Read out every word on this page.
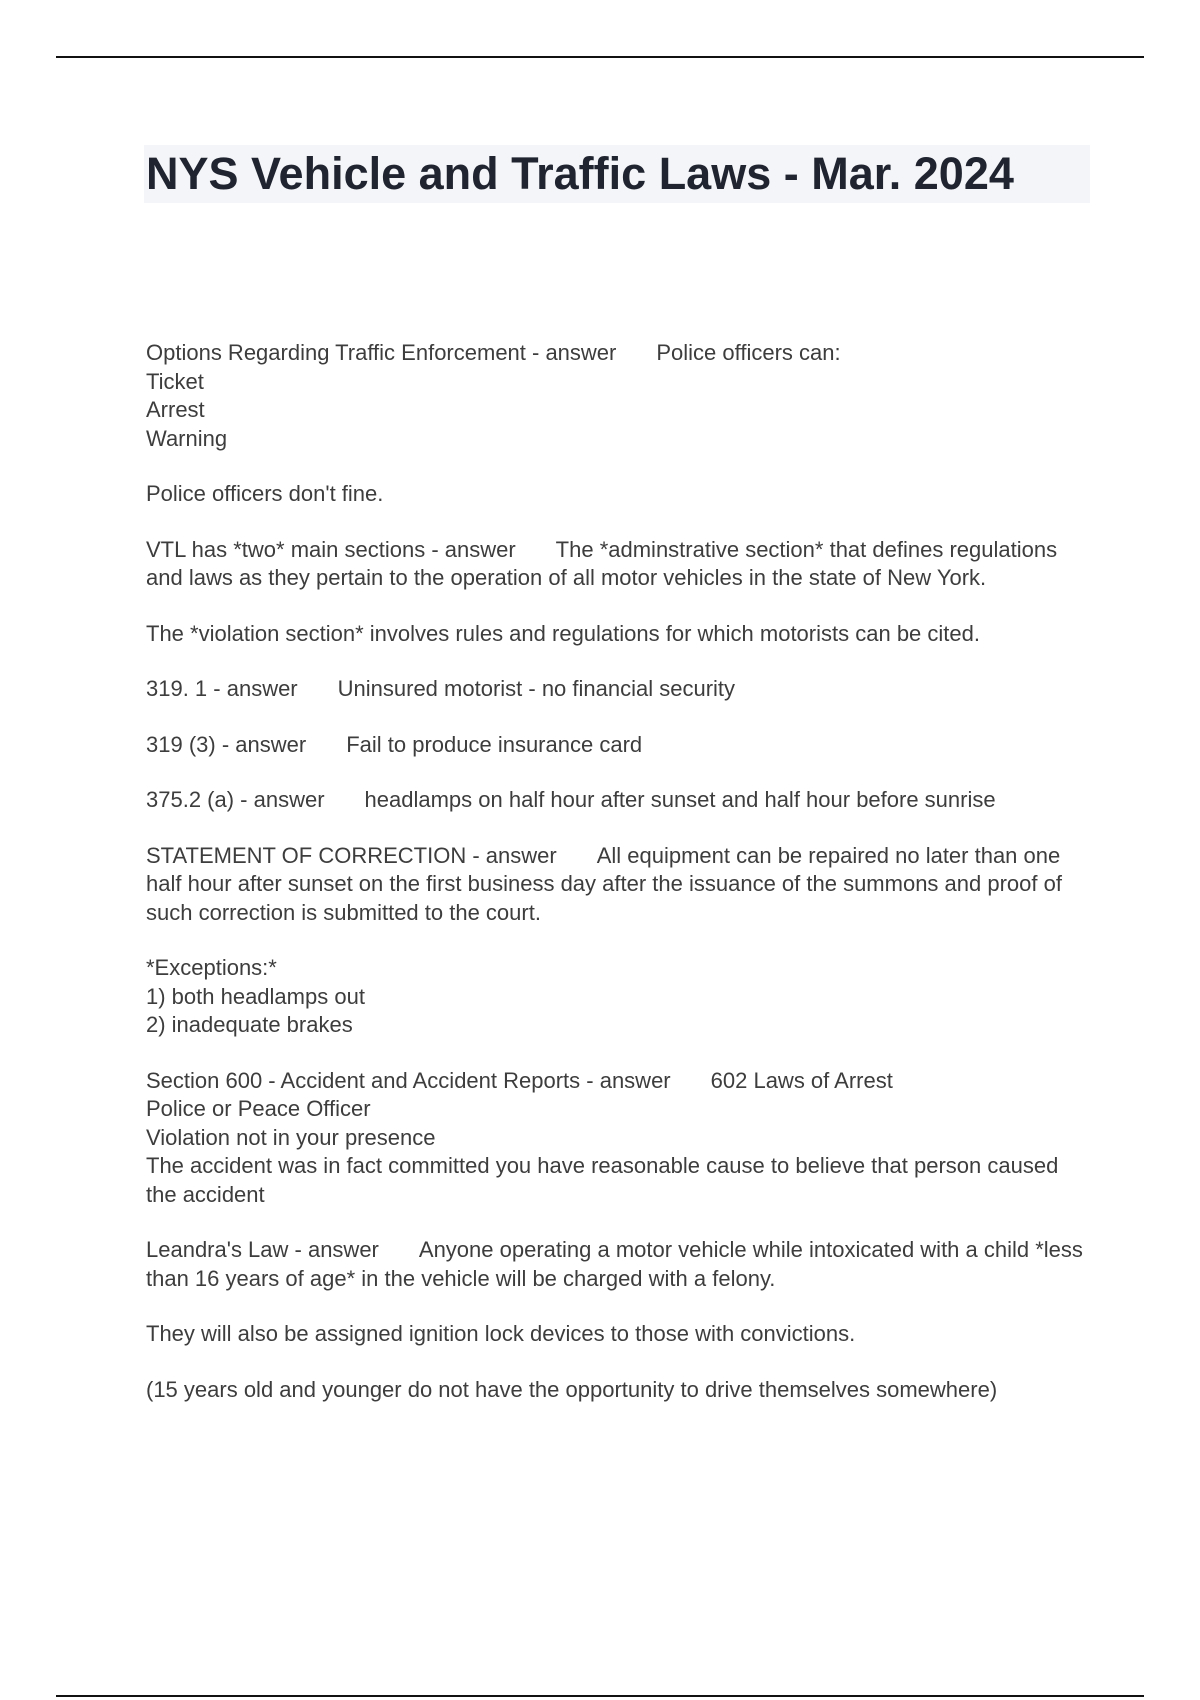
NYS Vehicle and Traffic Laws - Mar. 2024

Options Regarding Traffic Enforcement - answer Police officers can:

Ticket
Arrest
Warning

Police officers don't fine.

VTL has *two* main sections - answer The *adminstrative section* that defines regulations and laws as they pertain to the operation of all motor vehicles in the state of New York.

The *violation section* involves rules and regulations for which motorists can be cited.

319. 1 - answer Uninsured motorist - no financial security

319 (3) - answer Fail to produce insurance card

375.2 (a) - answer headlamps on half hour after sunset and half hour before sunrise

STATEMENT OF CORRECTION - answer All equipment can be repaired no later than one half hour after sunset on the first business day after the issuance of the summons and proof of such correction is submitted to the court.

*Exceptions:*
1) both headlamps out
2) inadequate brakes

Section 600 - Accident and Accident Reports - answer 602 Laws of Arrest

Police or Peace Officer
Violation not in your presence
The accident was in fact committed you have reasonable cause to believe that person caused the accident

Leandra's Law - answer Anyone operating a motor vehicle while intoxicated with a child *less than 16 years of age* in the vehicle will be charged with a felony.

They will also be assigned ignition lock devices to those with convictions.

(15 years old and younger do not have the opportunity to drive themselves somewhere)
